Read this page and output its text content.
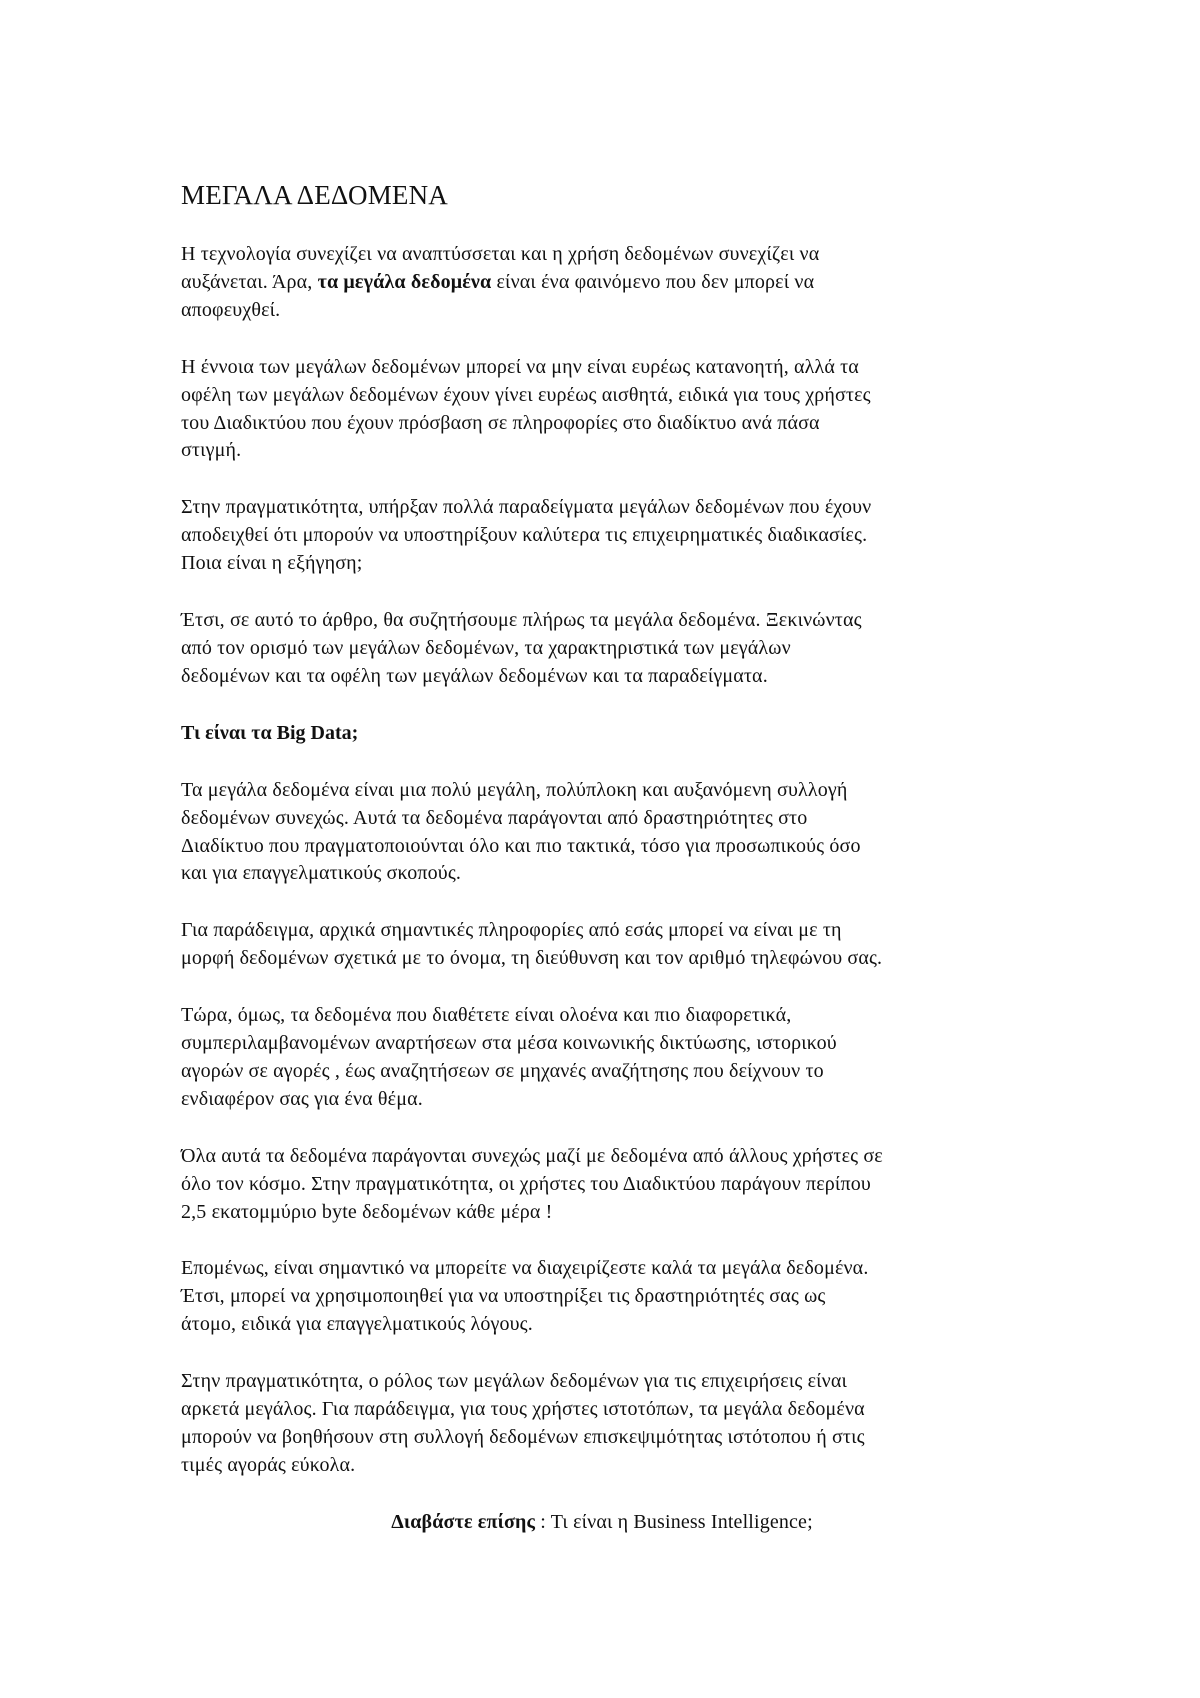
ΜΕΓΑΛΑ ΔΕΔΟΜΕΝΑ
Η τεχνολογία συνεχίζει να αναπτύσσεται και η χρήση δεδομένων συνεχίζει να
αυξάνεται. Άρα, τα μεγάλα δεδομένα είναι ένα φαινόμενο που δεν μπορεί να
αποφευχθεί.
Η έννοια των μεγάλων δεδομένων μπορεί να μην είναι ευρέως κατανοητή, αλλά τα
οφέλη των μεγάλων δεδομένων έχουν γίνει ευρέως αισθητά, ειδικά για τους χρήστες
του Διαδικτύου που έχουν πρόσβαση σε πληροφορίες στο διαδίκτυο ανά πάσα
στιγμή.
Στην πραγματικότητα, υπήρξαν πολλά παραδείγματα μεγάλων δεδομένων που έχουν
αποδειχθεί ότι μπορούν να υποστηρίξουν καλύτερα τις επιχειρηματικές διαδικασίες.
Ποια είναι η εξήγηση;
Έτσι, σε αυτό το άρθρο, θα συζητήσουμε πλήρως τα μεγάλα δεδομένα. Ξεκινώντας
από τον ορισμό των μεγάλων δεδομένων, τα χαρακτηριστικά των μεγάλων
δεδομένων και τα οφέλη των μεγάλων δεδομένων και τα παραδείγματα.
Τι είναι τα Big Data;
Τα μεγάλα δεδομένα είναι μια πολύ μεγάλη, πολύπλοκη και αυξανόμενη συλλογή
δεδομένων συνεχώς. Αυτά τα δεδομένα παράγονται από δραστηριότητες στο
Διαδίκτυο που πραγματοποιούνται όλο και πιο τακτικά, τόσο για προσωπικούς όσο
και για επαγγελματικούς σκοπούς.
Για παράδειγμα, αρχικά σημαντικές πληροφορίες από εσάς μπορεί να είναι με τη
μορφή δεδομένων σχετικά με το όνομα, τη διεύθυνση και τον αριθμό τηλεφώνου σας.
Τώρα, όμως, τα δεδομένα που διαθέτετε είναι ολοένα και πιο διαφορετικά,
συμπεριλαμβανομένων αναρτήσεων στα μέσα κοινωνικής δικτύωσης, ιστορικού
αγορών σε αγορές , έως αναζητήσεων σε μηχανές αναζήτησης που δείχνουν το
ενδιαφέρον σας για ένα θέμα.
Όλα αυτά τα δεδομένα παράγονται συνεχώς μαζί με δεδομένα από άλλους χρήστες σε
όλο τον κόσμο. Στην πραγματικότητα, οι χρήστες του Διαδικτύου παράγουν περίπου
2,5 εκατομμύριο byte δεδομένων κάθε μέρα !
Επομένως, είναι σημαντικό να μπορείτε να διαχειρίζεστε καλά τα μεγάλα δεδομένα.
Έτσι, μπορεί να χρησιμοποιηθεί για να υποστηρίξει τις δραστηριότητές σας ως
άτομο, ειδικά για επαγγελματικούς λόγους.
Στην πραγματικότητα, ο ρόλος των μεγάλων δεδομένων για τις επιχειρήσεις είναι
αρκετά μεγάλος. Για παράδειγμα, για τους χρήστες ιστοτόπων, τα μεγάλα δεδομένα
μπορούν να βοηθήσουν στη συλλογή δεδομένων επισκεψιμότητας ιστότοπου ή στις
τιμές αγοράς εύκολα.
Διαβάστε επίσης : Τι είναι η Business Intelligence;
